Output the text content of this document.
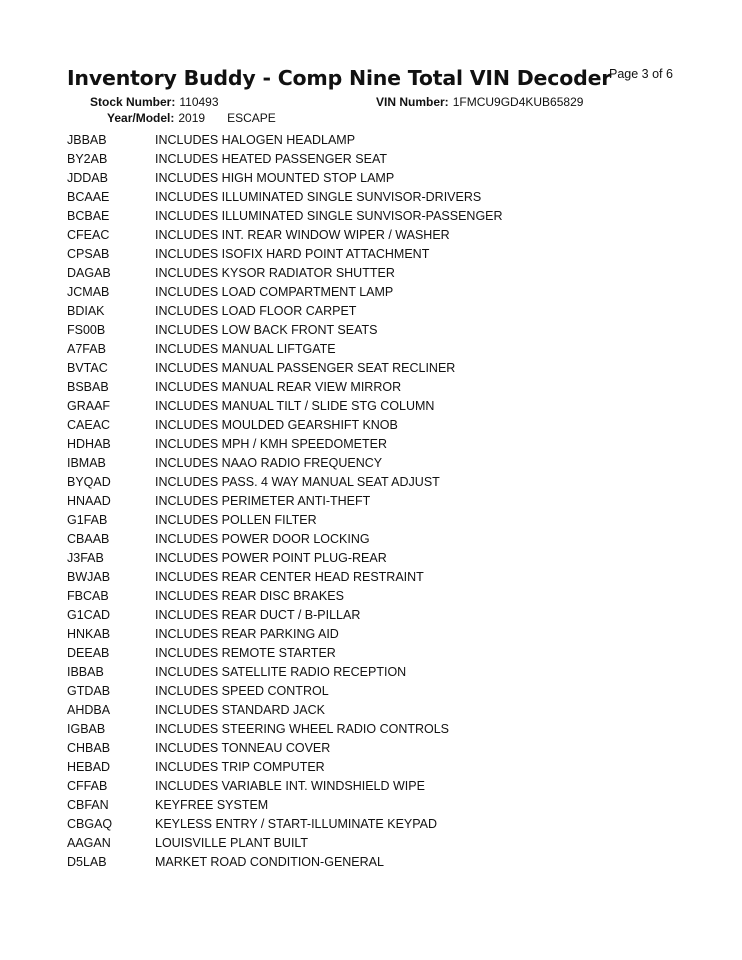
Inventory Buddy - Comp Nine Total VIN Decoder
Page 3 of 6
Stock Number: 110493	VIN Number: 1FMCU9GD4KUB65829
Year/Model: 2019 ESCAPE
JBBAB	INCLUDES HALOGEN HEADLAMP
BY2AB	INCLUDES HEATED PASSENGER SEAT
JDDAB	INCLUDES HIGH MOUNTED STOP LAMP
BCAAE	INCLUDES ILLUMINATED SINGLE SUNVISOR-DRIVERS
BCBAE	INCLUDES ILLUMINATED SINGLE SUNVISOR-PASSENGER
CFEAC	INCLUDES INT. REAR WINDOW WIPER / WASHER
CPSAB	INCLUDES ISOFIX HARD POINT ATTACHMENT
DAGAB	INCLUDES KYSOR RADIATOR SHUTTER
JCMAB	INCLUDES LOAD COMPARTMENT LAMP
BDIAK	INCLUDES LOAD FLOOR CARPET
FS00B	INCLUDES LOW BACK FRONT SEATS
A7FAB	INCLUDES MANUAL LIFTGATE
BVTAC	INCLUDES MANUAL PASSENGER SEAT RECLINER
BSBAB	INCLUDES MANUAL REAR VIEW MIRROR
GRAAF	INCLUDES MANUAL TILT / SLIDE STG COLUMN
CAEAC	INCLUDES MOULDED GEARSHIFT KNOB
HDHAB	INCLUDES MPH / KMH SPEEDOMETER
IBMAB	INCLUDES NAAO RADIO FREQUENCY
BYQAD	INCLUDES PASS. 4 WAY MANUAL SEAT ADJUST
HNAAD	INCLUDES PERIMETER ANTI-THEFT
G1FAB	INCLUDES POLLEN FILTER
CBAAB	INCLUDES POWER DOOR LOCKING
J3FAB	INCLUDES POWER POINT PLUG-REAR
BWJAB	INCLUDES REAR CENTER HEAD RESTRAINT
FBCAB	INCLUDES REAR DISC BRAKES
G1CAD	INCLUDES REAR DUCT / B-PILLAR
HNKAB	INCLUDES REAR PARKING AID
DEEAB	INCLUDES REMOTE STARTER
IBBAB	INCLUDES SATELLITE RADIO RECEPTION
GTDAB	INCLUDES SPEED CONTROL
AHDBA	INCLUDES STANDARD JACK
IGBAB	INCLUDES STEERING WHEEL RADIO CONTROLS
CHBAB	INCLUDES TONNEAU COVER
HEBAD	INCLUDES TRIP COMPUTER
CFFAB	INCLUDES VARIABLE INT. WINDSHIELD WIPE
CBFAN	KEYFREE SYSTEM
CBGAQ	KEYLESS ENTRY / START-ILLUMINATE KEYPAD
AAGAN	LOUISVILLE PLANT BUILT
D5LAB	MARKET ROAD CONDITION-GENERAL
